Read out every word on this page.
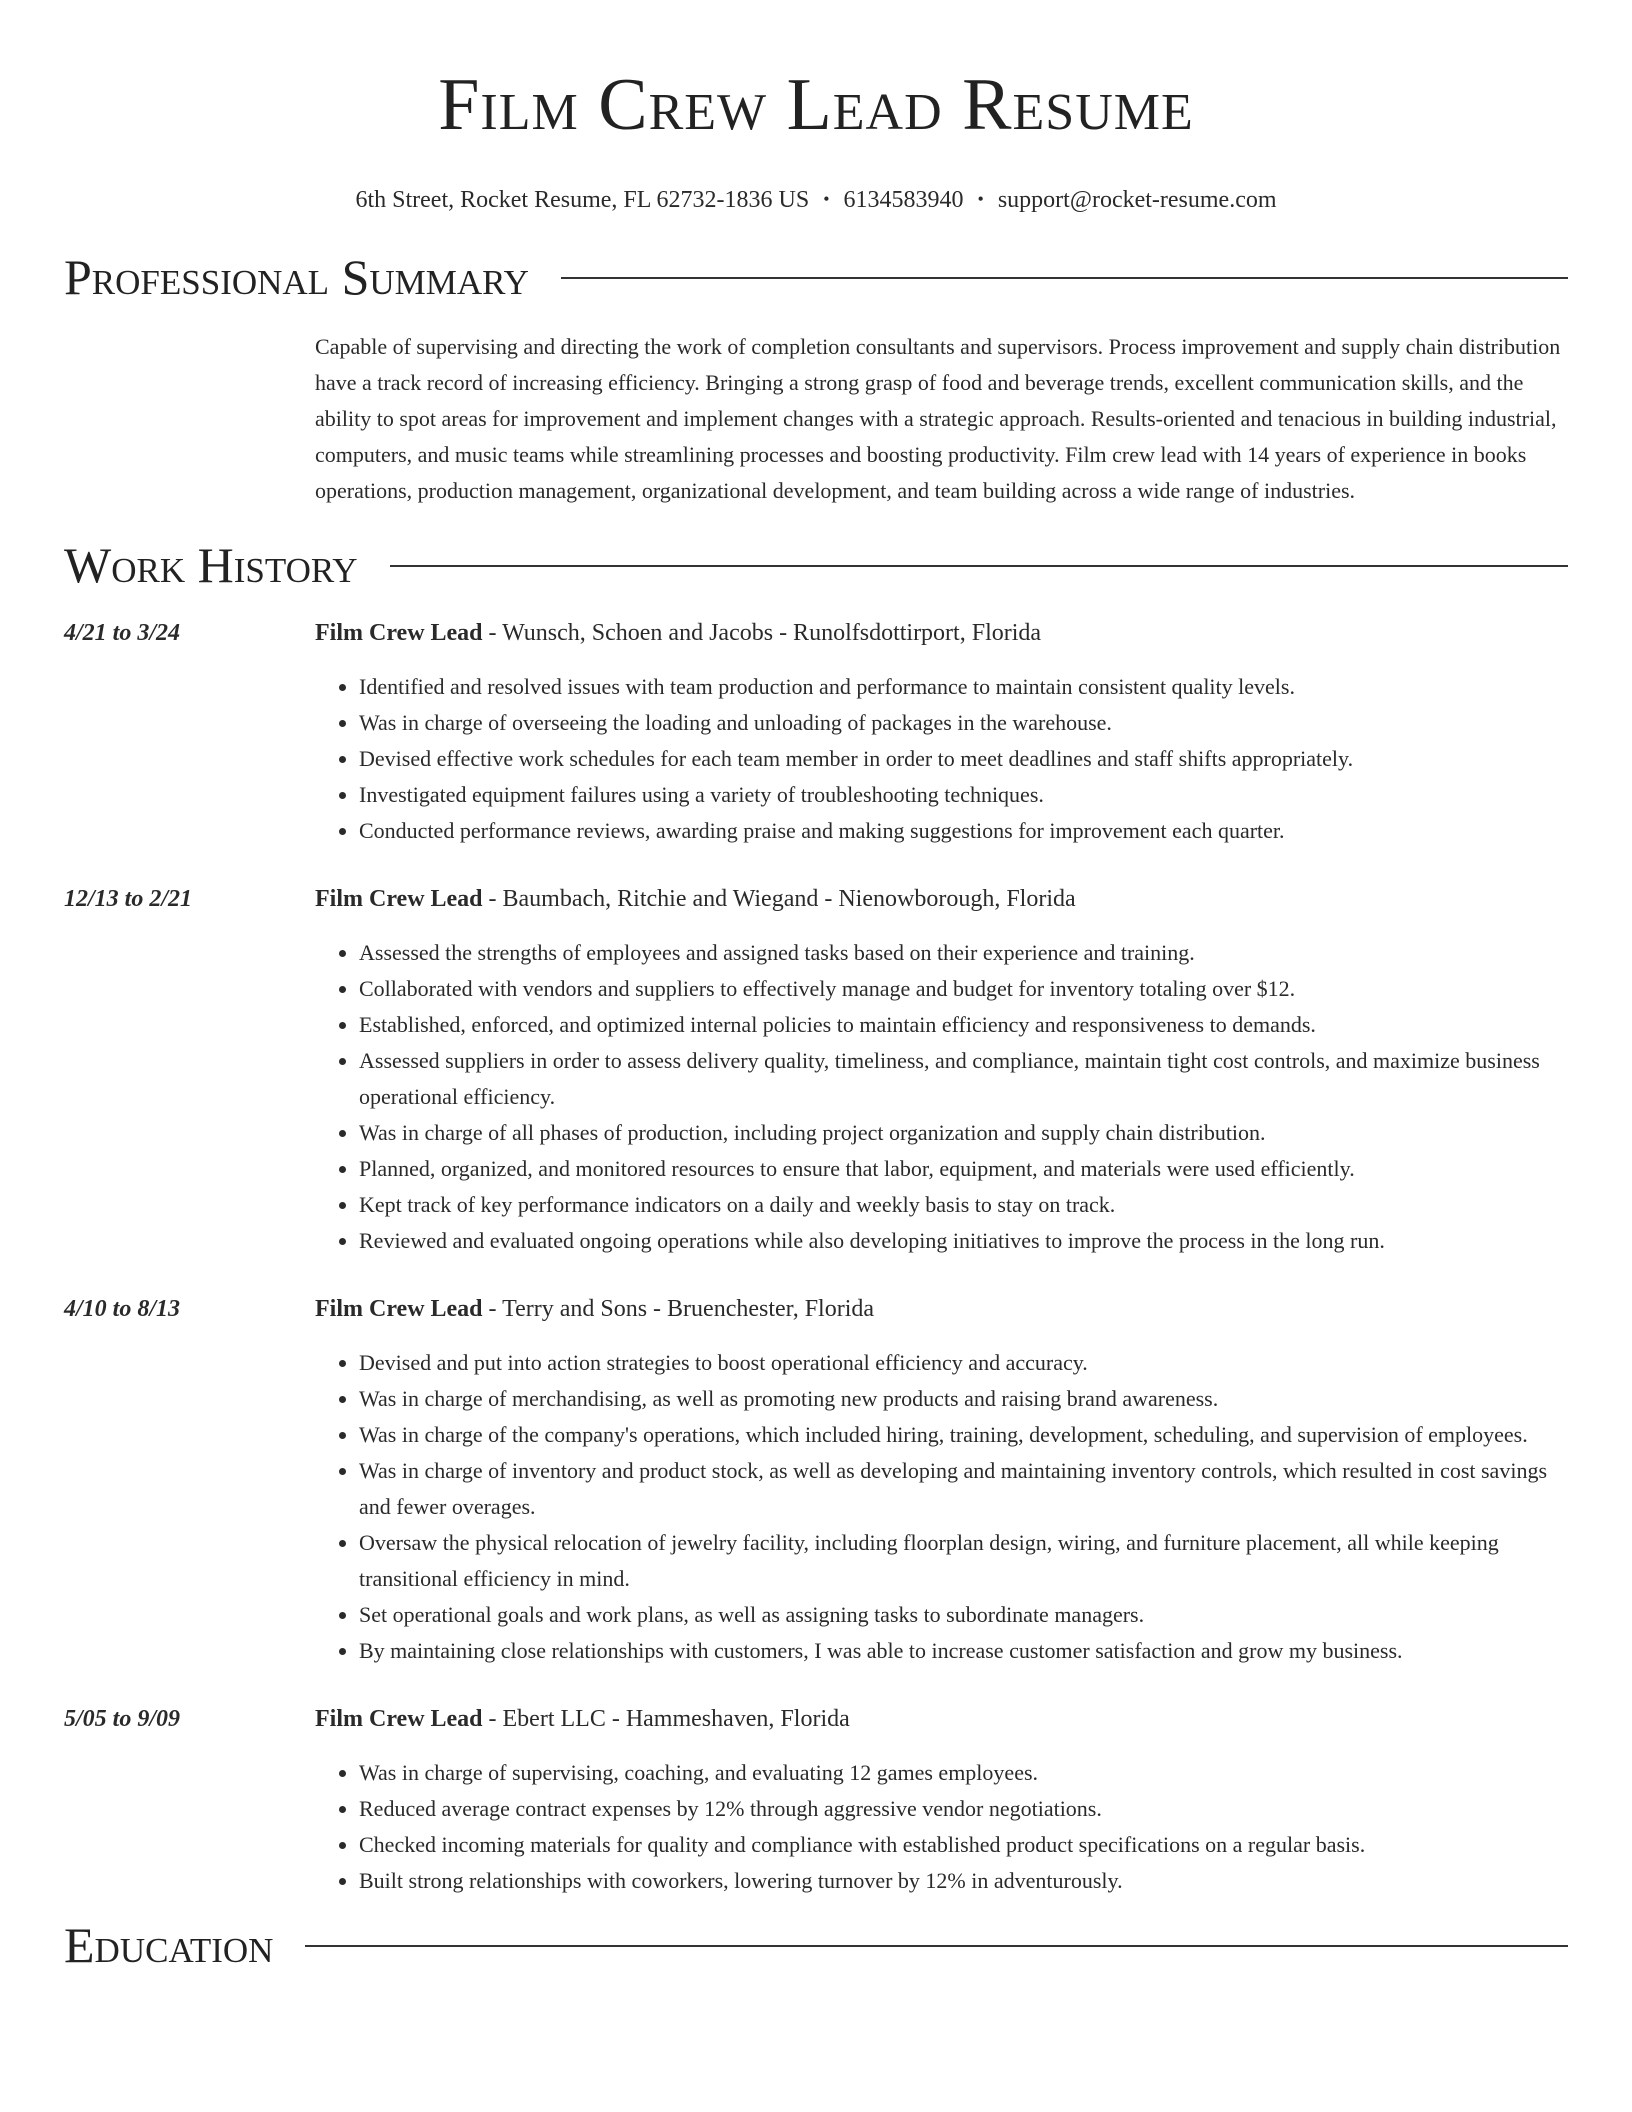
Film Crew Lead Resume
6th Street, Rocket Resume, FL 62732-1836 US • 6134583940 • support@rocket-resume.com
Professional Summary
Capable of supervising and directing the work of completion consultants and supervisors. Process improvement and supply chain distribution have a track record of increasing efficiency. Bringing a strong grasp of food and beverage trends, excellent communication skills, and the ability to spot areas for improvement and implement changes with a strategic approach. Results-oriented and tenacious in building industrial, computers, and music teams while streamlining processes and boosting productivity. Film crew lead with 14 years of experience in books operations, production management, organizational development, and team building across a wide range of industries.
Work History
4/21 to 3/24	Film Crew Lead - Wunsch, Schoen and Jacobs - Runolfsdottirport, Florida
• Identified and resolved issues with team production and performance to maintain consistent quality levels.
• Was in charge of overseeing the loading and unloading of packages in the warehouse.
• Devised effective work schedules for each team member in order to meet deadlines and staff shifts appropriately.
• Investigated equipment failures using a variety of troubleshooting techniques.
• Conducted performance reviews, awarding praise and making suggestions for improvement each quarter.
12/13 to 2/21	Film Crew Lead - Baumbach, Ritchie and Wiegand - Nienowborough, Florida
• Assessed the strengths of employees and assigned tasks based on their experience and training.
• Collaborated with vendors and suppliers to effectively manage and budget for inventory totaling over $12.
• Established, enforced, and optimized internal policies to maintain efficiency and responsiveness to demands.
• Assessed suppliers in order to assess delivery quality, timeliness, and compliance, maintain tight cost controls, and maximize business operational efficiency.
• Was in charge of all phases of production, including project organization and supply chain distribution.
• Planned, organized, and monitored resources to ensure that labor, equipment, and materials were used efficiently.
• Kept track of key performance indicators on a daily and weekly basis to stay on track.
• Reviewed and evaluated ongoing operations while also developing initiatives to improve the process in the long run.
4/10 to 8/13	Film Crew Lead - Terry and Sons - Bruenchester, Florida
• Devised and put into action strategies to boost operational efficiency and accuracy.
• Was in charge of merchandising, as well as promoting new products and raising brand awareness.
• Was in charge of the company's operations, which included hiring, training, development, scheduling, and supervision of employees.
• Was in charge of inventory and product stock, as well as developing and maintaining inventory controls, which resulted in cost savings and fewer overages.
• Oversaw the physical relocation of jewelry facility, including floorplan design, wiring, and furniture placement, all while keeping transitional efficiency in mind.
• Set operational goals and work plans, as well as assigning tasks to subordinate managers.
• By maintaining close relationships with customers, I was able to increase customer satisfaction and grow my business.
5/05 to 9/09	Film Crew Lead - Ebert LLC - Hammeshaven, Florida
• Was in charge of supervising, coaching, and evaluating 12 games employees.
• Reduced average contract expenses by 12% through aggressive vendor negotiations.
• Checked incoming materials for quality and compliance with established product specifications on a regular basis.
• Built strong relationships with coworkers, lowering turnover by 12% in adventurously.
Education
